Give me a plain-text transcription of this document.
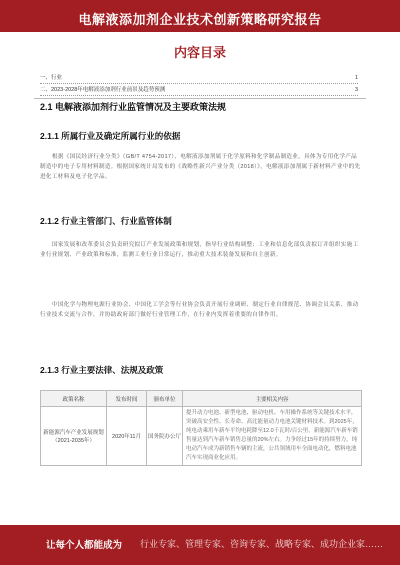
电解液添加剂企业技术创新策略研究报告
内容目录
一、行业	1
二、2023-2028年电解液添加剂行业前景及趋势预测	3
2.1 电解液添加剂行业监管情况及主要政策法规
2.1.1 所属行业及确定所属行业的依据
根据《国民经济行业分类》（GB/T 4754-2017），电解液添加剂属于化学原料和化学制品制造业，具体为专用化学产品制造中的电子专用材料制造。根据国家统计局发布的《战略性新兴产业分类（2018）》，电解液添加剂属于新材料产业中的先进化工材料及电子化学品。
2.1.2 行业主管部门、行业监管体制
国家发展和改革委员会负责研究拟订产业发展政策和规划，指导行业结构调整；工业和信息化部负责拟订并组织实施工业行业规划、产业政策和标准，监测工业行业日常运行，推动重大技术装备发展和自主创新。
中国化学与物理电源行业协会、中国化工学会等行业协会负责开展行业调研、制定行业自律规范、协调会员关系、推动行业技术交流与合作，并协助政府部门做好行业管理工作，在行业内发挥着重要的自律作用。
2.1.3 行业主要法律、法规及政策
政策名称	发布时间	颁布单位	主要相关内容
新能源汽车产业发展规划（2021-2035年）	2020年11月	国务院办公厅	提升动力电池、新型电池、驱动电机、车用操作系统等关键技术水平，突破高安全性、长寿命、高比能量动力电池关键材料技术。到2025年，纯电动乘用车新车平均电耗降至12.0千瓦时/百公里，新能源汽车新车销售量达到汽车新车销售总量的20%左右。力争经过15年的持续努力，纯电动汽车成为新销售车辆的主流，公共领域用车全面电动化，燃料电池汽车实现商业化应用。
让每个人都能成为 行业专家、管理专家、咨询专家、战略专家、成功企业家……
